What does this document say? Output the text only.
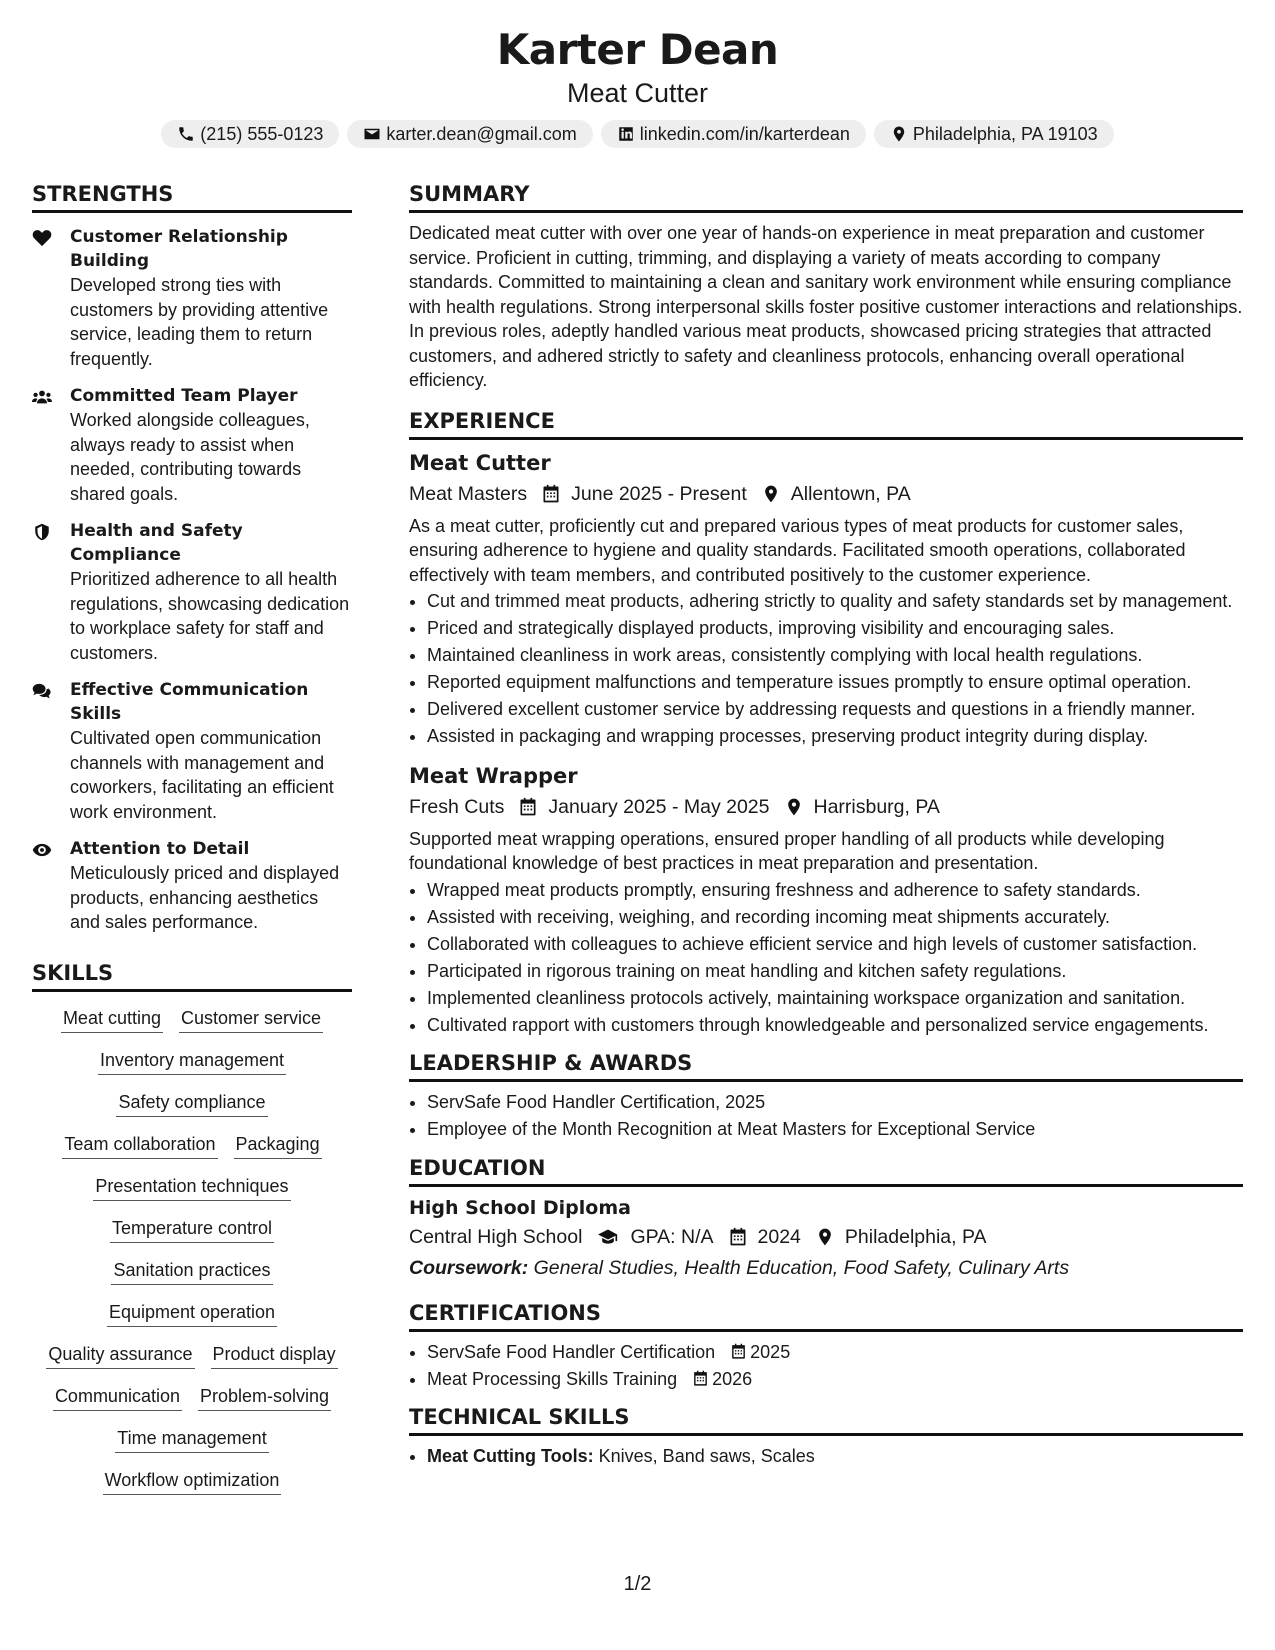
Karter Dean
Meat Cutter
(215) 555-0123	karter.dean@gmail.com	linkedin.com/in/karterdean	Philadelphia, PA 19103
STRENGTHS
Customer Relationship Building
Developed strong ties with customers by providing attentive service, leading them to return frequently.
Committed Team Player
Worked alongside colleagues, always ready to assist when needed, contributing towards shared goals.
Health and Safety Compliance
Prioritized adherence to all health regulations, showcasing dedication to workplace safety for staff and customers.
Effective Communication Skills
Cultivated open communication channels with management and coworkers, facilitating an efficient work environment.
Attention to Detail
Meticulously priced and displayed products, enhancing aesthetics and sales performance.
SKILLS
Meat cutting Customer service
Inventory management
Safety compliance
Team collaboration Packaging
Presentation techniques
Temperature control
Sanitation practices
Equipment operation
Quality assurance Product display
Communication Problem-solving
Time management
Workflow optimization
SUMMARY
Dedicated meat cutter with over one year of hands-on experience in meat preparation and customer service. Proficient in cutting, trimming, and displaying a variety of meats according to company standards. Committed to maintaining a clean and sanitary work environment while ensuring compliance with health regulations. Strong interpersonal skills foster positive customer interactions and relationships. In previous roles, adeptly handled various meat products, showcased pricing strategies that attracted customers, and adhered strictly to safety and cleanliness protocols, enhancing overall operational efficiency.
EXPERIENCE
Meat Cutter
Meat Masters June 2025 - Present Allentown, PA
As a meat cutter, proficiently cut and prepared various types of meat products for customer sales, ensuring adherence to hygiene and quality standards. Facilitated smooth operations, collaborated effectively with team members, and contributed positively to the customer experience.
• Cut and trimmed meat products, adhering strictly to quality and safety standards set by management.
• Priced and strategically displayed products, improving visibility and encouraging sales.
• Maintained cleanliness in work areas, consistently complying with local health regulations.
• Reported equipment malfunctions and temperature issues promptly to ensure optimal operation.
• Delivered excellent customer service by addressing requests and questions in a friendly manner.
• Assisted in packaging and wrapping processes, preserving product integrity during display.
Meat Wrapper
Fresh Cuts January 2025 - May 2025 Harrisburg, PA
Supported meat wrapping operations, ensured proper handling of all products while developing foundational knowledge of best practices in meat preparation and presentation.
• Wrapped meat products promptly, ensuring freshness and adherence to safety standards.
• Assisted with receiving, weighing, and recording incoming meat shipments accurately.
• Collaborated with colleagues to achieve efficient service and high levels of customer satisfaction.
• Participated in rigorous training on meat handling and kitchen safety regulations.
• Implemented cleanliness protocols actively, maintaining workspace organization and sanitation.
• Cultivated rapport with customers through knowledgeable and personalized service engagements.
LEADERSHIP & AWARDS
• ServSafe Food Handler Certification, 2025
• Employee of the Month Recognition at Meat Masters for Exceptional Service
EDUCATION
High School Diploma
Central High School GPA: N/A 2024 Philadelphia, PA
Coursework: General Studies, Health Education, Food Safety, Culinary Arts
CERTIFICATIONS
• ServSafe Food Handler Certification 2025
• Meat Processing Skills Training 2026
TECHNICAL SKILLS
• Meat Cutting Tools: Knives, Band saws, Scales
1/2
